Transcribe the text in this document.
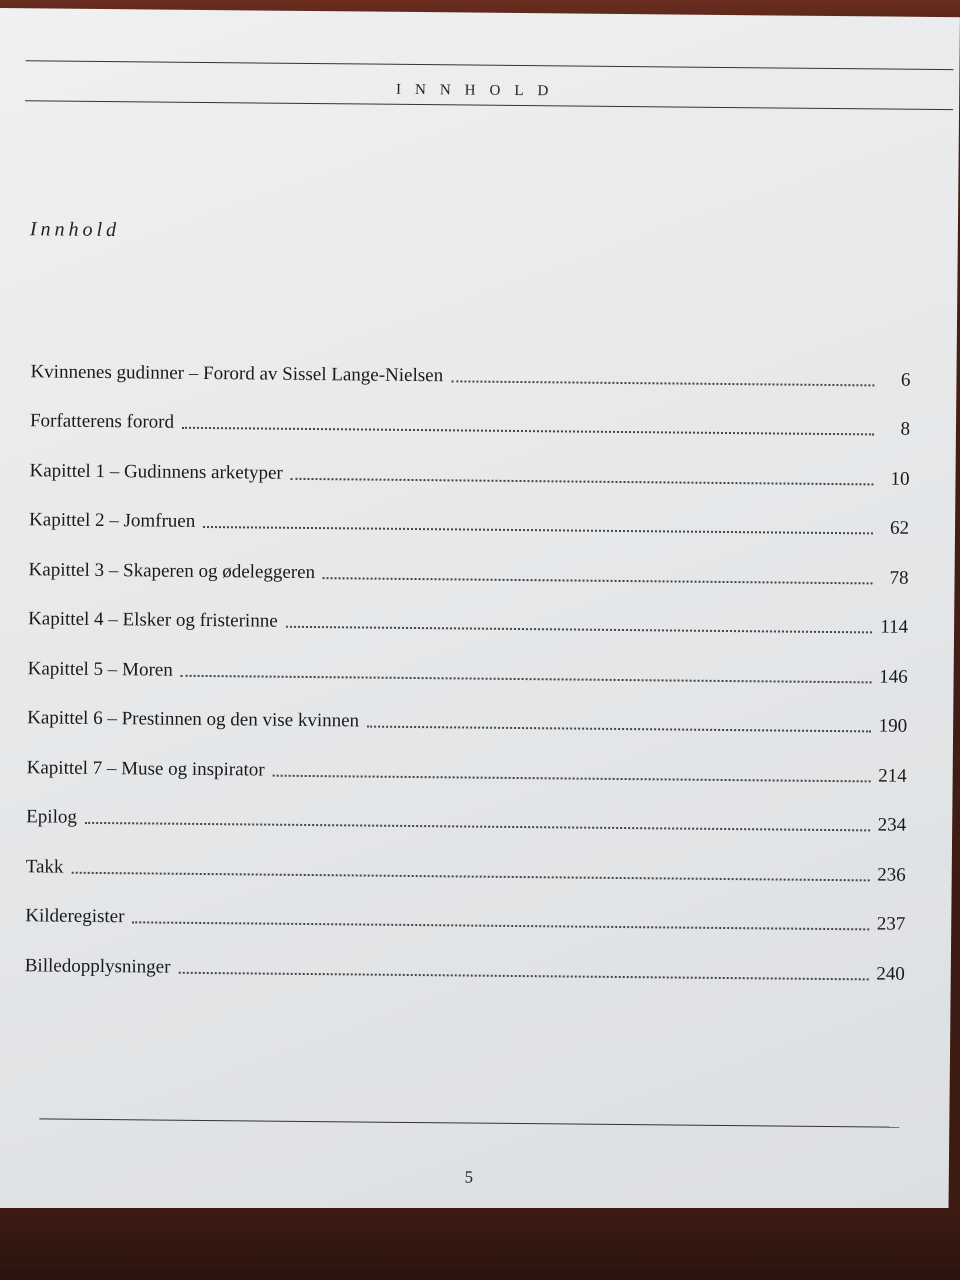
INNHOLD
Innhold
Kvinnenes gudinner – Forord av Sissel Lange-Nielsen	6
Forfatterens forord	8
Kapittel 1 – Gudinnens arketyper	10
Kapittel 2 – Jomfruen	62
Kapittel 3 – Skaperen og ødeleggeren	78
Kapittel 4 – Elsker og fristerinne	114
Kapittel 5 – Moren	146
Kapittel 6 – Prestinnen og den vise kvinnen	190
Kapittel 7 – Muse og inspirator	214
Epilog	234
Takk	236
Kilderegister	237
Billedopplysninger	240
5
